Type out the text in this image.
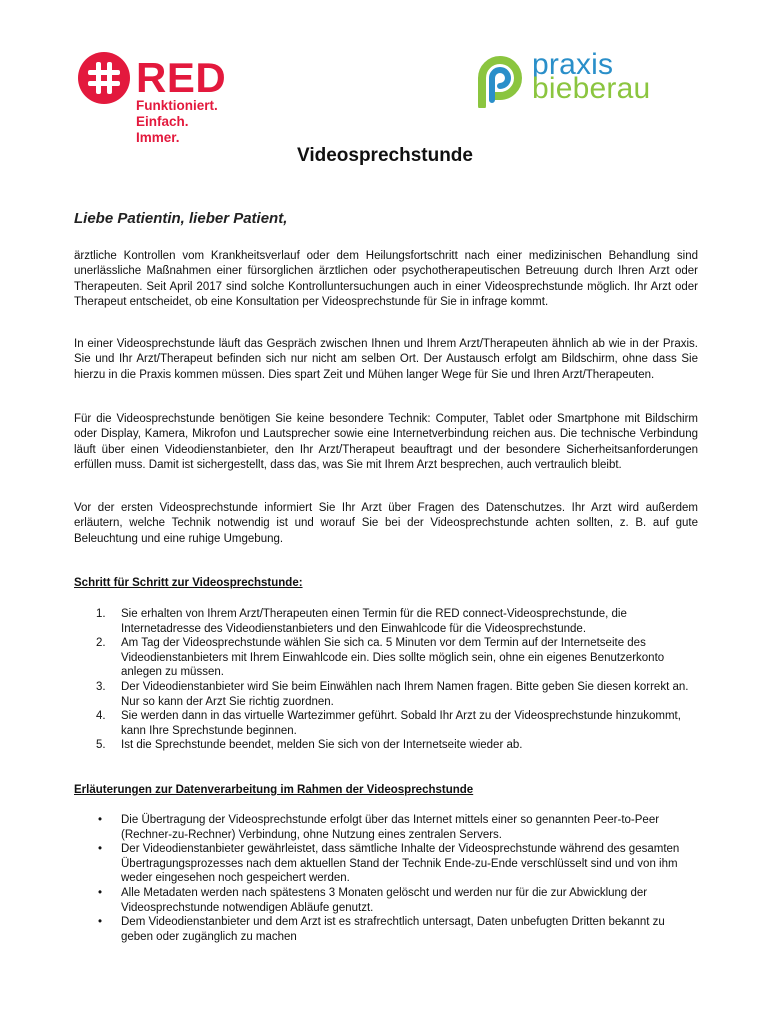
RED
Funktioniert.
Einfach.
Immer.
praxis
bieberau
Videosprechstunde

Liebe Patientin, lieber Patient,

ärztliche Kontrollen vom Krankheitsverlauf oder dem Heilungsfortschritt nach einer medizinischen Behandlung sind unerlässliche Maßnahmen einer fürsorglichen ärztlichen oder psychotherapeutischen Betreuung durch Ihren Arzt oder Therapeuten. Seit April 2017 sind solche Kontrolluntersuchungen auch in einer Videosprechstunde möglich. Ihr Arzt oder Therapeut entscheidet, ob eine Konsultation per Videosprechstunde für Sie in infrage kommt.

In einer Videosprechstunde läuft das Gespräch zwischen Ihnen und Ihrem Arzt/Therapeuten ähnlich ab wie in der Praxis. Sie und Ihr Arzt/Therapeut befinden sich nur nicht am selben Ort. Der Austausch erfolgt am Bildschirm, ohne dass Sie hierzu in die Praxis kommen müssen. Dies spart Zeit und Mühen langer Wege für Sie und Ihren Arzt/Therapeuten.

Für die Videosprechstunde benötigen Sie keine besondere Technik: Computer, Tablet oder Smartphone mit Bildschirm oder Display, Kamera, Mikrofon und Lautsprecher sowie eine Internetverbindung reichen aus. Die technische Verbindung läuft über einen Videodienstanbieter, den Ihr Arzt/Therapeut beauftragt und der besondere Sicherheitsanforderungen erfüllen muss. Damit ist sichergestellt, dass das, was Sie mit Ihrem Arzt besprechen, auch vertraulich bleibt.

Vor der ersten Videosprechstunde informiert Sie Ihr Arzt über Fragen des Datenschutzes. Ihr Arzt wird außerdem erläutern, welche Technik notwendig ist und worauf Sie bei der Videosprechstunde achten sollten, z. B. auf gute Beleuchtung und eine ruhige Umgebung.

Schritt für Schritt zur Videosprechstunde:

1. Sie erhalten von Ihrem Arzt/Therapeuten einen Termin für die RED connect-Videosprechstunde, die Internetadresse des Videodienstanbieters und den Einwahlcode für die Videosprechstunde.
2. Am Tag der Videosprechstunde wählen Sie sich ca. 5 Minuten vor dem Termin auf der Internetseite des Videodienstanbieters mit Ihrem Einwahlcode ein. Dies sollte möglich sein, ohne ein eigenes Benutzerkonto anlegen zu müssen.
3. Der Videodienstanbieter wird Sie beim Einwählen nach Ihrem Namen fragen. Bitte geben Sie diesen korrekt an. Nur so kann der Arzt Sie richtig zuordnen.
4. Sie werden dann in das virtuelle Wartezimmer geführt. Sobald Ihr Arzt zu der Videosprechstunde hinzukommt, kann Ihre Sprechstunde beginnen.
5. Ist die Sprechstunde beendet, melden Sie sich von der Internetseite wieder ab.

Erläuterungen zur Datenverarbeitung im Rahmen der Videosprechstunde

• Die Übertragung der Videosprechstunde erfolgt über das Internet mittels einer so genannten Peer-to-Peer (Rechner-zu-Rechner) Verbindung, ohne Nutzung eines zentralen Servers.
• Der Videodienstanbieter gewährleistet, dass sämtliche Inhalte der Videosprechstunde während des gesamten Übertragungsprozesses nach dem aktuellen Stand der Technik Ende-zu-Ende verschlüsselt sind und von ihm weder eingesehen noch gespeichert werden.
• Alle Metadaten werden nach spätestens 3 Monaten gelöscht und werden nur für die zur Abwicklung der Videosprechstunde notwendigen Abläufe genutzt.
• Dem Videodienstanbieter und dem Arzt ist es strafrechtlich untersagt, Daten unbefugten Dritten bekannt zu geben oder zugänglich zu machen
